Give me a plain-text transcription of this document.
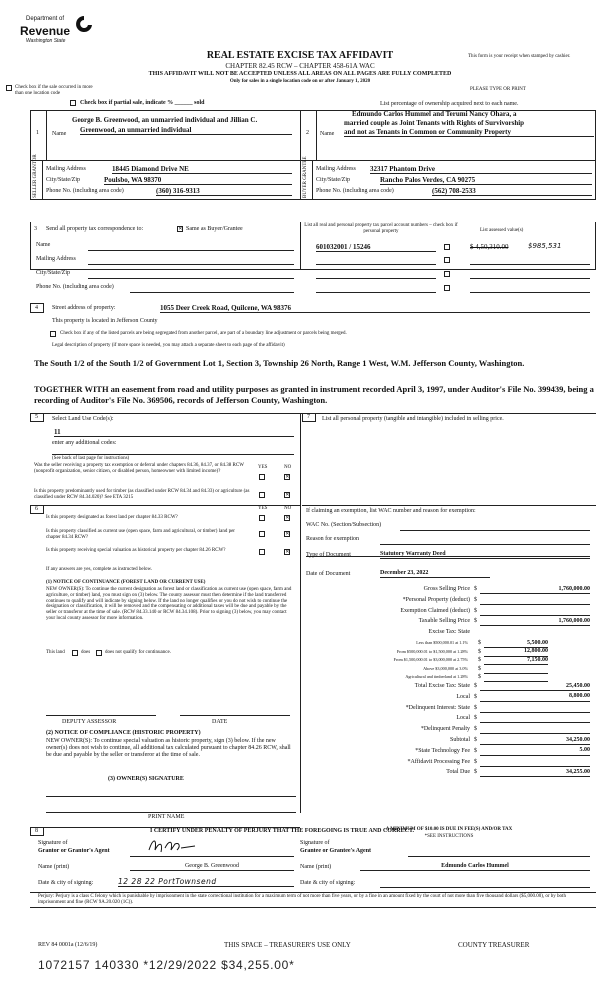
Department of
Revenue
Washington State
REAL ESTATE EXCISE TAX AFFIDAVIT
CHAPTER 82.45 RCW – CHAPTER 458-61A WAC
THIS AFFIDAVIT WILL NOT BE ACCEPTED UNLESS ALL AREAS ON ALL PAGES ARE FULLY COMPLETED
Only for sales in a single location code on or after January 1, 2020
This form is your receipt when stamped by cashier.
PLEASE TYPE OR PRINT
Check box if the sale occurred in more than one location code
Check box if partial sale, indicate % ______ sold	List percentage of ownership acquired next to each name.
1 Name
George B. Greenwood, an unmarried individual and Jillian C.
Greenwood, an unmarried individual
SELLER GRANTOR Mailing Address	18445 Diamond Drive NE
City/State/Zip	Poulsbo, WA 98370
Phone No. (including area code)	(360) 316-9313
2 Name
Edmundo Carlos Hummel and Terumi Nancy Ohara, a
married couple as Joint Tenants with Rights of Survivorship
and not as Tenants in Common or Community Property
BUYER GRANTEE Mailing Address 32317 Phantom Drive
City/State/Zip	Rancho Palos Verdes, CA 90275
Phone No. (including area code)	(562) 708-2533
3 Send all property tax correspondence to:
✕	Same as Buyer/Grantee
Name
Mailing Address
City/State/Zip
Phone No. (including area code)
List all real and personal property tax parcel account numbers – check box if personal property	List assessed value(s)
601032001 / 15246	$ 4,50,310.00	$985,531
4 Street address of property:	1055 Deer Creek Road, Quilcene, WA 98376
This property is located in Jefferson County
Check box if any of the listed parcels are being segregated from another parcel, are part of a boundary line adjustment or parcels being merged.
Legal description of property (if more space is needed, you may attach a separate sheet to each page of the affidavit)
The South 1/2 of the South 1/2 of Government Lot 1, Section 3, Township 26 North, Range 1 West, W.M. Jefferson County, Washington.
TOGETHER WITH an easement from road and utility purposes as granted in instrument recorded April 3, 1997, under Auditor's File No. 399439, being a recording of Auditor's File No. 369506, records of Jefferson County, Washington.
5 Select Land Use Code(s):
11
enter any additional codes:
(See back of last page for instructions)
YES	NO
Was the seller receiving a property tax exemption or deferral under chapters 84.36, 84.37, or 84.38 RCW (nonprofit organization, senior citizen, or disabled person, homeowner with limited income)?
✕
Is this property predominantly used for timber (as classified under RCW 84.34 and 84.33) or agriculture (as classified under RCW 84.34.020)? See ETA 3215
✕
7 List all personal property (tangible and intangible) included in selling price.
6	YES	NO
Is this property designated as forest land per chapter 84.33 RCW?
✕
Is this property classified as current use (open space, farm and agricultural, or timber) land per chapter 84.34 RCW?
✕
Is this property receiving special valuation as historical property per chapter 84.26 RCW?
✕
If any answers are yes, complete as instructed below.
(1) NOTICE OF CONTINUANCE (FOREST LAND OR CURRENT USE)
NEW OWNER(S): To continue the current designation as forest land or classification as current use (open space, farm and agriculture, or timber) land, you must sign on (3) below. The county assessor must then determine if the land transferred continues to qualify and will indicate by signing below. If the land no longer qualifies or you do not wish to continue the designation or classification, it will be removed and the compensating or additional taxes will be due and payable by the seller or transferor at the time of sale. (RCW 84.33.140 or RCW 84.34.108). Prior to signing (3) below, you may contact your local county assessor for more information.
This land	does	does not qualify for continuance.
DEPUTY ASSESSOR	DATE
(2) NOTICE OF COMPLIANCE (HISTORIC PROPERTY)
NEW OWNER(S): To continue special valuation as historic property, sign (3) below. If the new owner(s) does not wish to continue, all additional tax calculated pursuant to chapter 84.26 RCW, shall be due and payable by the seller or transferor at the time of sale.
(3) OWNER(S) SIGNATURE
PRINT NAME
If claiming an exemption, list WAC number and reason for exemption:
WAC No. (Section/Subsection)
Reason for exemption
Type of Document	Statutory Warranty Deed
Date of Document	December 23, 2022
Gross Selling Price $	1,760,000.00
*Personal Property (deduct) $
Exemption Claimed (deduct) $
Taxable Selling Price $	1,760,000.00
Excise Tax: State
Less than $500,000.01 at 1.1% $	5,500.00
From $500,000.01 to $1,500,000 at 1.28% $	12,800.00
From $1,500,000.01 to $3,000,000 at 2.75% $	7,150.00
Above $3,000,000 at 3.0% $
Agricultural and timberland at 1.28% $
Total Excise Tax: State $	25,450.00
Local $	8,800.00
*Delinquent Interest: State $
Local $
*Delinquent Penalty $
Subtotal $	34,250.00
*State Technology Fee $	5.00
*Affidavit Processing Fee $
Total Due $	34,255.00
A MINIMUM OF $10.00 IS DUE IN FEE(S) AND/OR TAX
*SEE INSTRUCTIONS
8	I CERTIFY UNDER PENALTY OF PERJURY THAT THE FOREGOING IS TRUE AND CORRECT.
Signature of
Grantor or Grantor's Agent
Signature of
Grantee or Grantee's Agent
Name (print)	George B. Greenwood	Name (print)	Edmundo Carlos Hummel
Date & city of signing:	12 28 22 PortTownsend	Date & city of signing:
Perjury: Perjury is a class C felony which is punishable by imprisonment in the state correctional institution for a maximum term of not more than five years, or by a fine in an amount fixed by the court of not more than five thousand dollars ($5,000.00), or by both imprisonment and fine (RCW 9A.20.020 (1C)).
REV 84 0001a (12/6/19)	THIS SPACE – TREASURER'S USE ONLY	COUNTY TREASURER
1072157 140330 *12/29/2022 $34,255.00*
